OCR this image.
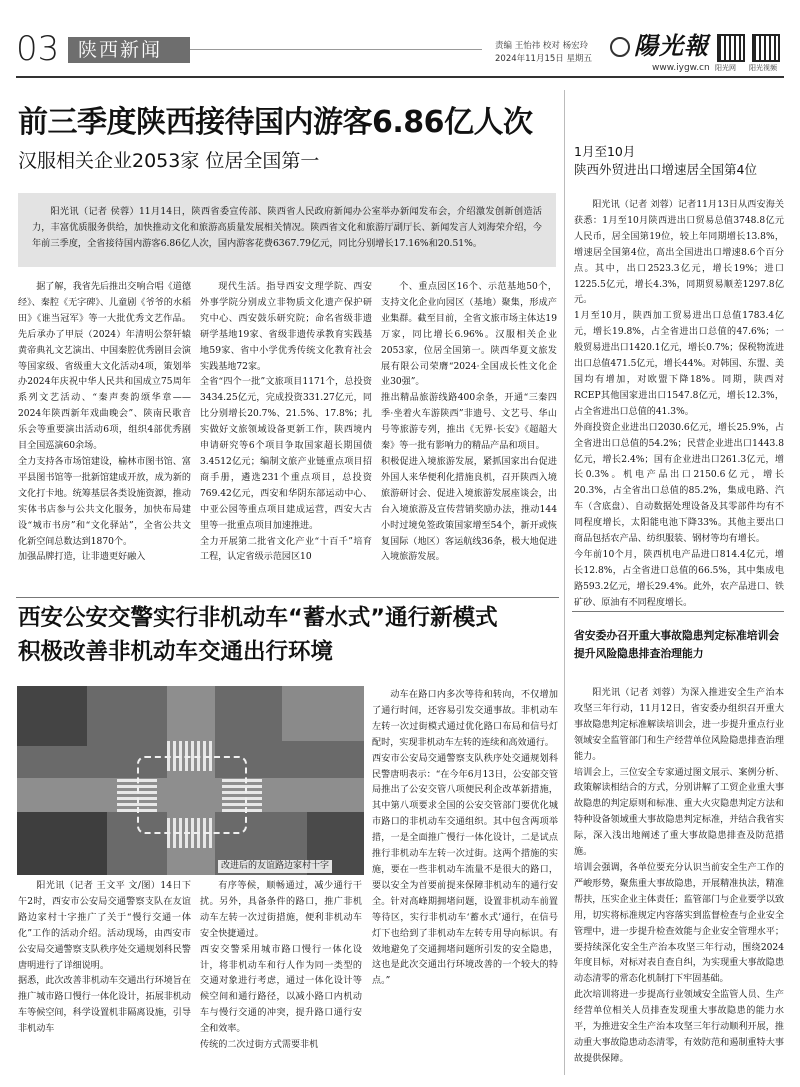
03 陕西新闻	责编 王怡祎 校对 杨宏玲
2024年11月15日 星期五	陽光報
www.iygw.cn 阳光网 阳光视频
前三季度陕西接待国内游客6.86亿人次
汉服相关企业2053家 位居全国第一
阳光讯（记者 侯蓉）11月14日，陕西省委宣传部、陕西省人民政府新闻办公室举办新闻发布会，介绍激发创新创造活力，丰富优质服务供给，加快推动文化和旅游高质量发展相关情况。陕西省文化和旅游厅副厅长、新闻发言人刘海荣介绍，今年前三季度，全省接待国内游客6.86亿人次，国内游客花费6367.79亿元，同比分别增长17.16%和20.51%。
据了解，我省先后推出交响合唱《道德经》、秦腔《无字碑》、儿童剧《爷爷的水稻田》《谁当冠军》等一大批优秀文艺作品。先后承办了甲辰（2024）年清明公祭轩辕黄帝典礼文艺演出、中国秦腔优秀剧目会演等国家级、省级重大文化活动4项，策划举办2024年庆祝中华人民共和国成立75周年系列文艺活动、“秦声奏韵颂华章——2024年陕西新年戏曲晚会”、陕南民歌音乐会等重要演出活动6项，组织4部优秀剧目全国巡演60余场。
全力支持各市场馆建设，榆林市图书馆、富平县图书馆等一批新馆建成开放，成为新的文化打卡地。统筹基层各类设施资源，推动实体书店参与公共文化服务，加快布局建设“城市书房”和“文化驿站”，全省公共文化新空间总数达到1870个。
加强品牌打造，让非遗更好融入
现代生活。指导西安文理学院、西安外事学院分别成立非物质文化遗产保护研究中心、西安鼓乐研究院；命名省级非遗研学基地19家、省级非遗传承教育实践基地59家、省中小学优秀传统文化教育社会实践基地72家。
全省“四个一批”文旅项目1171个，总投资3434.25亿元，完成投资331.27亿元，同比分别增长20.7%、21.5%、17.8%；扎实做好文旅领域设备更新工作，陕西境内申请研究等6个项目争取国家超长期国债3.4512亿元；编制文旅产业链重点项目招商手册，遴选231个重点项目，总投资769.42亿元，西安和华阴东部运动中心、中亚公园等重点项目建成运营，西安大古里等一批重点项目加速推进。
全力开展第二批省文化产业“十百千”培育工程，认定省级示范园区10
个、重点园区16个、示范基地50个，支持文化企业向园区（基地）聚集，形成产业集群。截至目前，全省文旅市场主体达19万家，同比增长6.96%。汉服相关企业2053家，位居全国第一。陕西华夏文旅发展有限公司荣膺“2024·全国成长性文化企业30强”。
推出精品旅游线路400余条，开通“三秦四季·坐着火车游陕西”非遗号、文艺号、华山号等旅游专列，推出《无界·长安》《超超大秦》等一批有影响力的精品产品和项目。
积极促进入境旅游发展，紧抓国家出台促进外国人来华便利化措施良机，召开陕西入境旅游研讨会、促进入境旅游发展座谈会，出台入境旅游及宣传营销奖励办法，推动144小时过境免签政策国家增至54个，新开或恢复国际（地区）客运航线36条，极大地促进入境旅游发展。
西安公安交警实行非机动车“蓄水式”通行新模式
积极改善非机动车交通出行环境
改进后的友谊路边家村十字
阳光讯（记者 王文平 文/图）14日下午2时，西安市公安局交通警察支队在友谊路边家村十字推广了关于“慢行交通一体化”工作的活动介绍。活动现场，由西安市公安局交通警察支队秩序处交通规划科民警唐明进行了详细说明。
据悉，此次改善非机动车交通出行环境旨在推广城市路口慢行一体化设计，拓展非机动车等候空间，科学设置机非隔离设施，引导非机动车
有序等候，顺畅通过，减少通行干扰。另外，具备条件的路口，推广非机动车左转一次过街措施，便利非机动车安全快捷通过。
西安交警采用城市路口慢行一体化设计，将非机动车和行人作为同一类型的交通对象进行考虑，通过一体化设计等候空间和通行路径，以减小路口内机动车与慢行交通的冲突，提升路口通行安全和效率。
传统的二次过街方式需要非机
动车在路口内多次等待和转向，不仅增加了通行时间，还容易引发交通事故。非机动车左转一次过街模式通过优化路口布局和信号灯配时，实现非机动车左转的连续和高效通行。
西安市公安局交通警察支队秩序处交通规划科民警唐明表示：“在今年6月13日，公安部交管局推出了公安交管八项便民利企改革新措施，其中第八项要求全国的公安交管部门要优化城市路口的非机动车交通组织。其中包含两项举措，一是全面推广慢行一体化设计，二是试点推行非机动车左转一次过街。这两个措施的实施，要在一些非机动车流量不是很大的路口，要以安全为首要前提来保障非机动车的通行安全。针对高峰期拥堵问题，设置非机动车前置等待区，实行非机动车‘蓄水式’通行，在信号灯下也给到了非机动车左转专用导向标识。有效地避免了交通拥堵问题所引发的安全隐患，这也是此次交通出行环境改善的一个较大的特点。”
1月至10月
陕西外贸进出口增速居全国第4位
阳光讯（记者 刘蓉）记者11月13日从西安海关获悉：1月至10月陕西进出口贸易总值3748.8亿元人民币，居全国第19位，较上年同期增长13.8%，增速居全国第4位，高出全国进出口增速8.6个百分点。其中，出口2523.3亿元，增长19%；进口1225.5亿元，增长4.3%，同期贸易顺差1297.8亿元。
1月至10月，陕西加工贸易进出口总值1783.4亿元，增长19.8%，占全省进出口总值的47.6%；一般贸易进出口1420.1亿元，增长0.7%；保税物流进出口总值471.5亿元，增长44%。对韩国、东盟、美国均有增加，对欧盟下降18%。同期，陕西对RCEP其他国家进出口1547.8亿元，增长12.3%，占全省进出口总值的41.3%。
外商投资企业进出口2030.6亿元，增长25.9%，占全省进出口总值的54.2%；民营企业进出口1443.8亿元，增长2.4%；国有企业进出口261.3亿元，增长0.3%。机电产品出口2150.6亿元，增长20.3%，占全省出口总值的85.2%，集成电路、汽车（含底盘）、自动数据处理设备及其零部件均有不同程度增长，太阳能电池下降33%。其他主要出口商品包括农产品、纺织服装、钢材等均有增长。
今年前10个月，陕西机电产品进口814.4亿元，增长12.8%，占全省进口总值的66.5%，其中集成电路593.2亿元，增长29.4%。此外，农产品进口、铁矿砂、原油有不同程度增长。
省安委办召开重大事故隐患判定标准培训会
提升风险隐患排查治理能力
阳光讯（记者 刘蓉）为深入推进安全生产治本攻坚三年行动，11月12日，省安委办组织召开重大事故隐患判定标准解读培训会，进一步提升重点行业领域安全监管部门和生产经营单位风险隐患排查治理能力。
培训会上，三位安全专家通过图文展示、案例分析、政策解读相结合的方式，分别讲解了工贸企业重大事故隐患的判定原则和标准、重大火灾隐患判定方法和特种设备领域重大事故隐患判定标准，并结合我省实际，深入浅出地阐述了重大事故隐患排查及防范措施。
培训会强调，各单位要充分认识当前安全生产工作的严峻形势，聚焦重大事故隐患，开展精准执法，精准帮扶，压实企业主体责任；监管部门与企业要学以致用，切实将标准规定内容落实到监督检查与企业安全管理中，进一步提升检查效能与企业安全管理水平；要持续深化安全生产治本攻坚三年行动，围绕2024年度目标，对标对表自查自纠，为实现重大事故隐患动态清零的常态化机制打下牢固基础。
此次培训将进一步提高行业领域安全监管人员、生产经营单位相关人员排查发现重大事故隐患的能力水平，为推进安全生产治本攻坚三年行动顺利开展，推动重大事故隐患动态清零，有效防范和遏制重特大事故提供保障。
